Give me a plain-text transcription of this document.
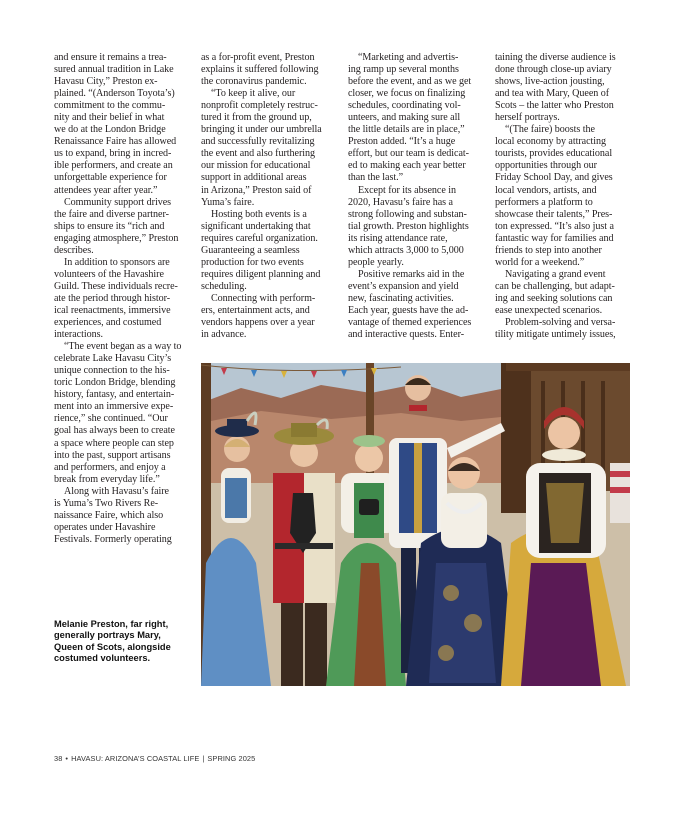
and ensure it remains a trea-
sured annual tradition in Lake
Havasu City,” Preston ex-
plained. “(Anderson Toyota’s)
commitment to the commu-
nity and their belief in what
we do at the London Bridge
Renaissance Faire has allowed
us to expand, bring in incred-
ible performers, and create an
unforgettable experience for
attendees year after year.”

Community support drives
the faire and diverse partner-
ships to ensure its “rich and
engaging atmosphere,” Preston
describes.

In addition to sponsors are
volunteers of the Havashire
Guild. These individuals recre-
ate the period through histor-
ical reenactments, immersive
experiences, and costumed
interactions.

“The event began as a way to
celebrate Lake Havasu City’s
unique connection to the his-
toric London Bridge, blending
history, fantasy, and entertain-
ment into an immersive expe-
rience,” she continued. “Our
goal has always been to create
a space where people can step
into the past, support artisans
and performers, and enjoy a
break from everyday life.”

Along with Havasu’s faire
is Yuma’s Two Rivers Re-
naissance Faire, which also
operates under Havashire
Festivals. Formerly operating

as a for-profit event, Preston
explains it suffered following
the coronavirus pandemic.

“To keep it alive, our
nonprofit completely restruc-
tured it from the ground up,
bringing it under our umbrella
and successfully revitalizing
the event and also furthering
our mission for educational
support in additional areas
in Arizona,” Preston said of
Yuma’s faire.

Hosting both events is a
significant undertaking that
requires careful organization.
Guaranteeing a seamless
production for two events
requires diligent planning and
scheduling.

Connecting with perform-
ers, entertainment acts, and
vendors happens over a year
in advance.

“Marketing and advertis-
ing ramp up several months
before the event, and as we get
closer, we focus on finalizing
schedules, coordinating vol-
unteers, and making sure all
the little details are in place,”
Preston added. “It’s a huge
effort, but our team is dedicat-
ed to making each year better
than the last.”

Except for its absence in
2020, Havasu’s faire has a
strong following and substan-
tial growth. Preston highlights
its rising attendance rate,
which attracts 3,000 to 5,000
people yearly.

Positive remarks aid in the
event’s expansion and yield
new, fascinating activities.
Each year, guests have the ad-
vantage of themed experiences
and interactive quests. Enter-

taining the diverse audience is
done through close-up aviary
shows, live-action jousting,
and tea with Mary, Queen of
Scots – the latter who Preston
herself portrays.

“(The faire) boosts the
local economy by attracting
tourists, provides educational
opportunities through our
Friday School Day, and gives
local vendors, artists, and
performers a platform to
showcase their talents,” Pres-
ton expressed. “It’s also just a
fantastic way for families and
friends to step into another
world for a weekend.”

Navigating a grand event
can be challenging, but adapt-
ing and seeking solutions can
ease unexpected scenarios.

Problem-solving and versa-
tility mitigate untimely issues,

Melanie Preston, far right,
generally portrays Mary,
Queen of Scots, alongside
costumed volunteers.
38 • HAVASU: ARIZONA’S COASTAL LIFE | SPRING 2025
